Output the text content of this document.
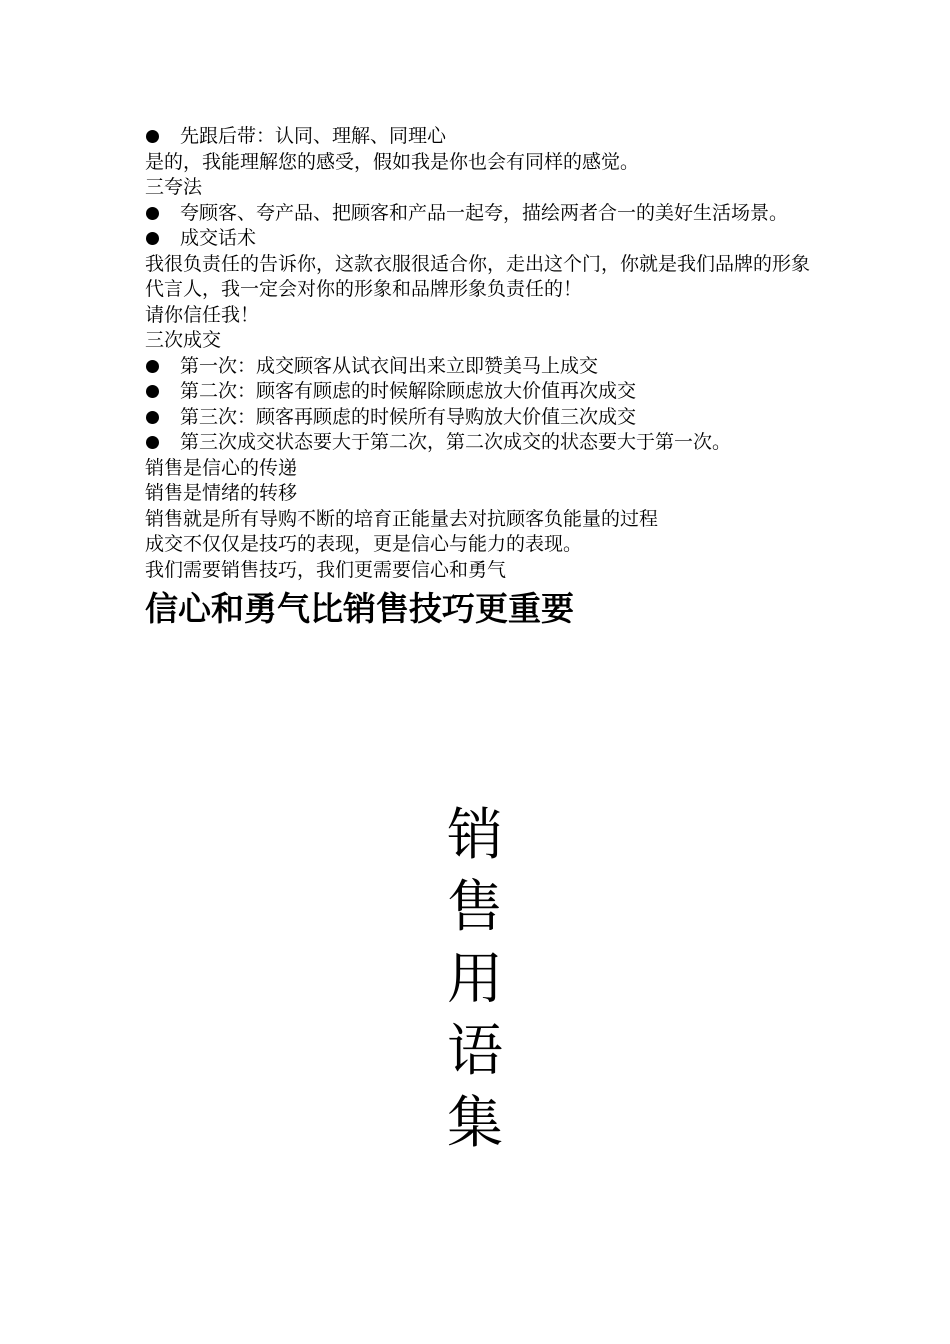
先跟后带：认同、理解、同理心
是的，我能理解您的感受，假如我是你也会有同样的感觉。
三夸法
夸顾客、夸产品、把顾客和产品一起夸，描绘两者合一的美好生活场景。
成交话术
我很负责任的告诉你，这款衣服很适合你，走出这个门，你就是我们品牌的形象代言人，我一定会对你的形象和品牌形象负责任的！
请你信任我！
三次成交
第一次：成交顾客从试衣间出来立即赞美马上成交
第二次：顾客有顾虑的时候解除顾虑放大价值再次成交
第三次：顾客再顾虑的时候所有导购放大价值三次成交
第三次成交状态要大于第二次，第二次成交的状态要大于第一次。
销售是信心的传递
销售是情绪的转移
销售就是所有导购不断的培育正能量去对抗顾客负能量的过程
成交不仅仅是技巧的表现，更是信心与能力的表现。
我们需要销售技巧，我们更需要信心和勇气
信心和勇气比销售技巧更重要
销
售
用
语
集
